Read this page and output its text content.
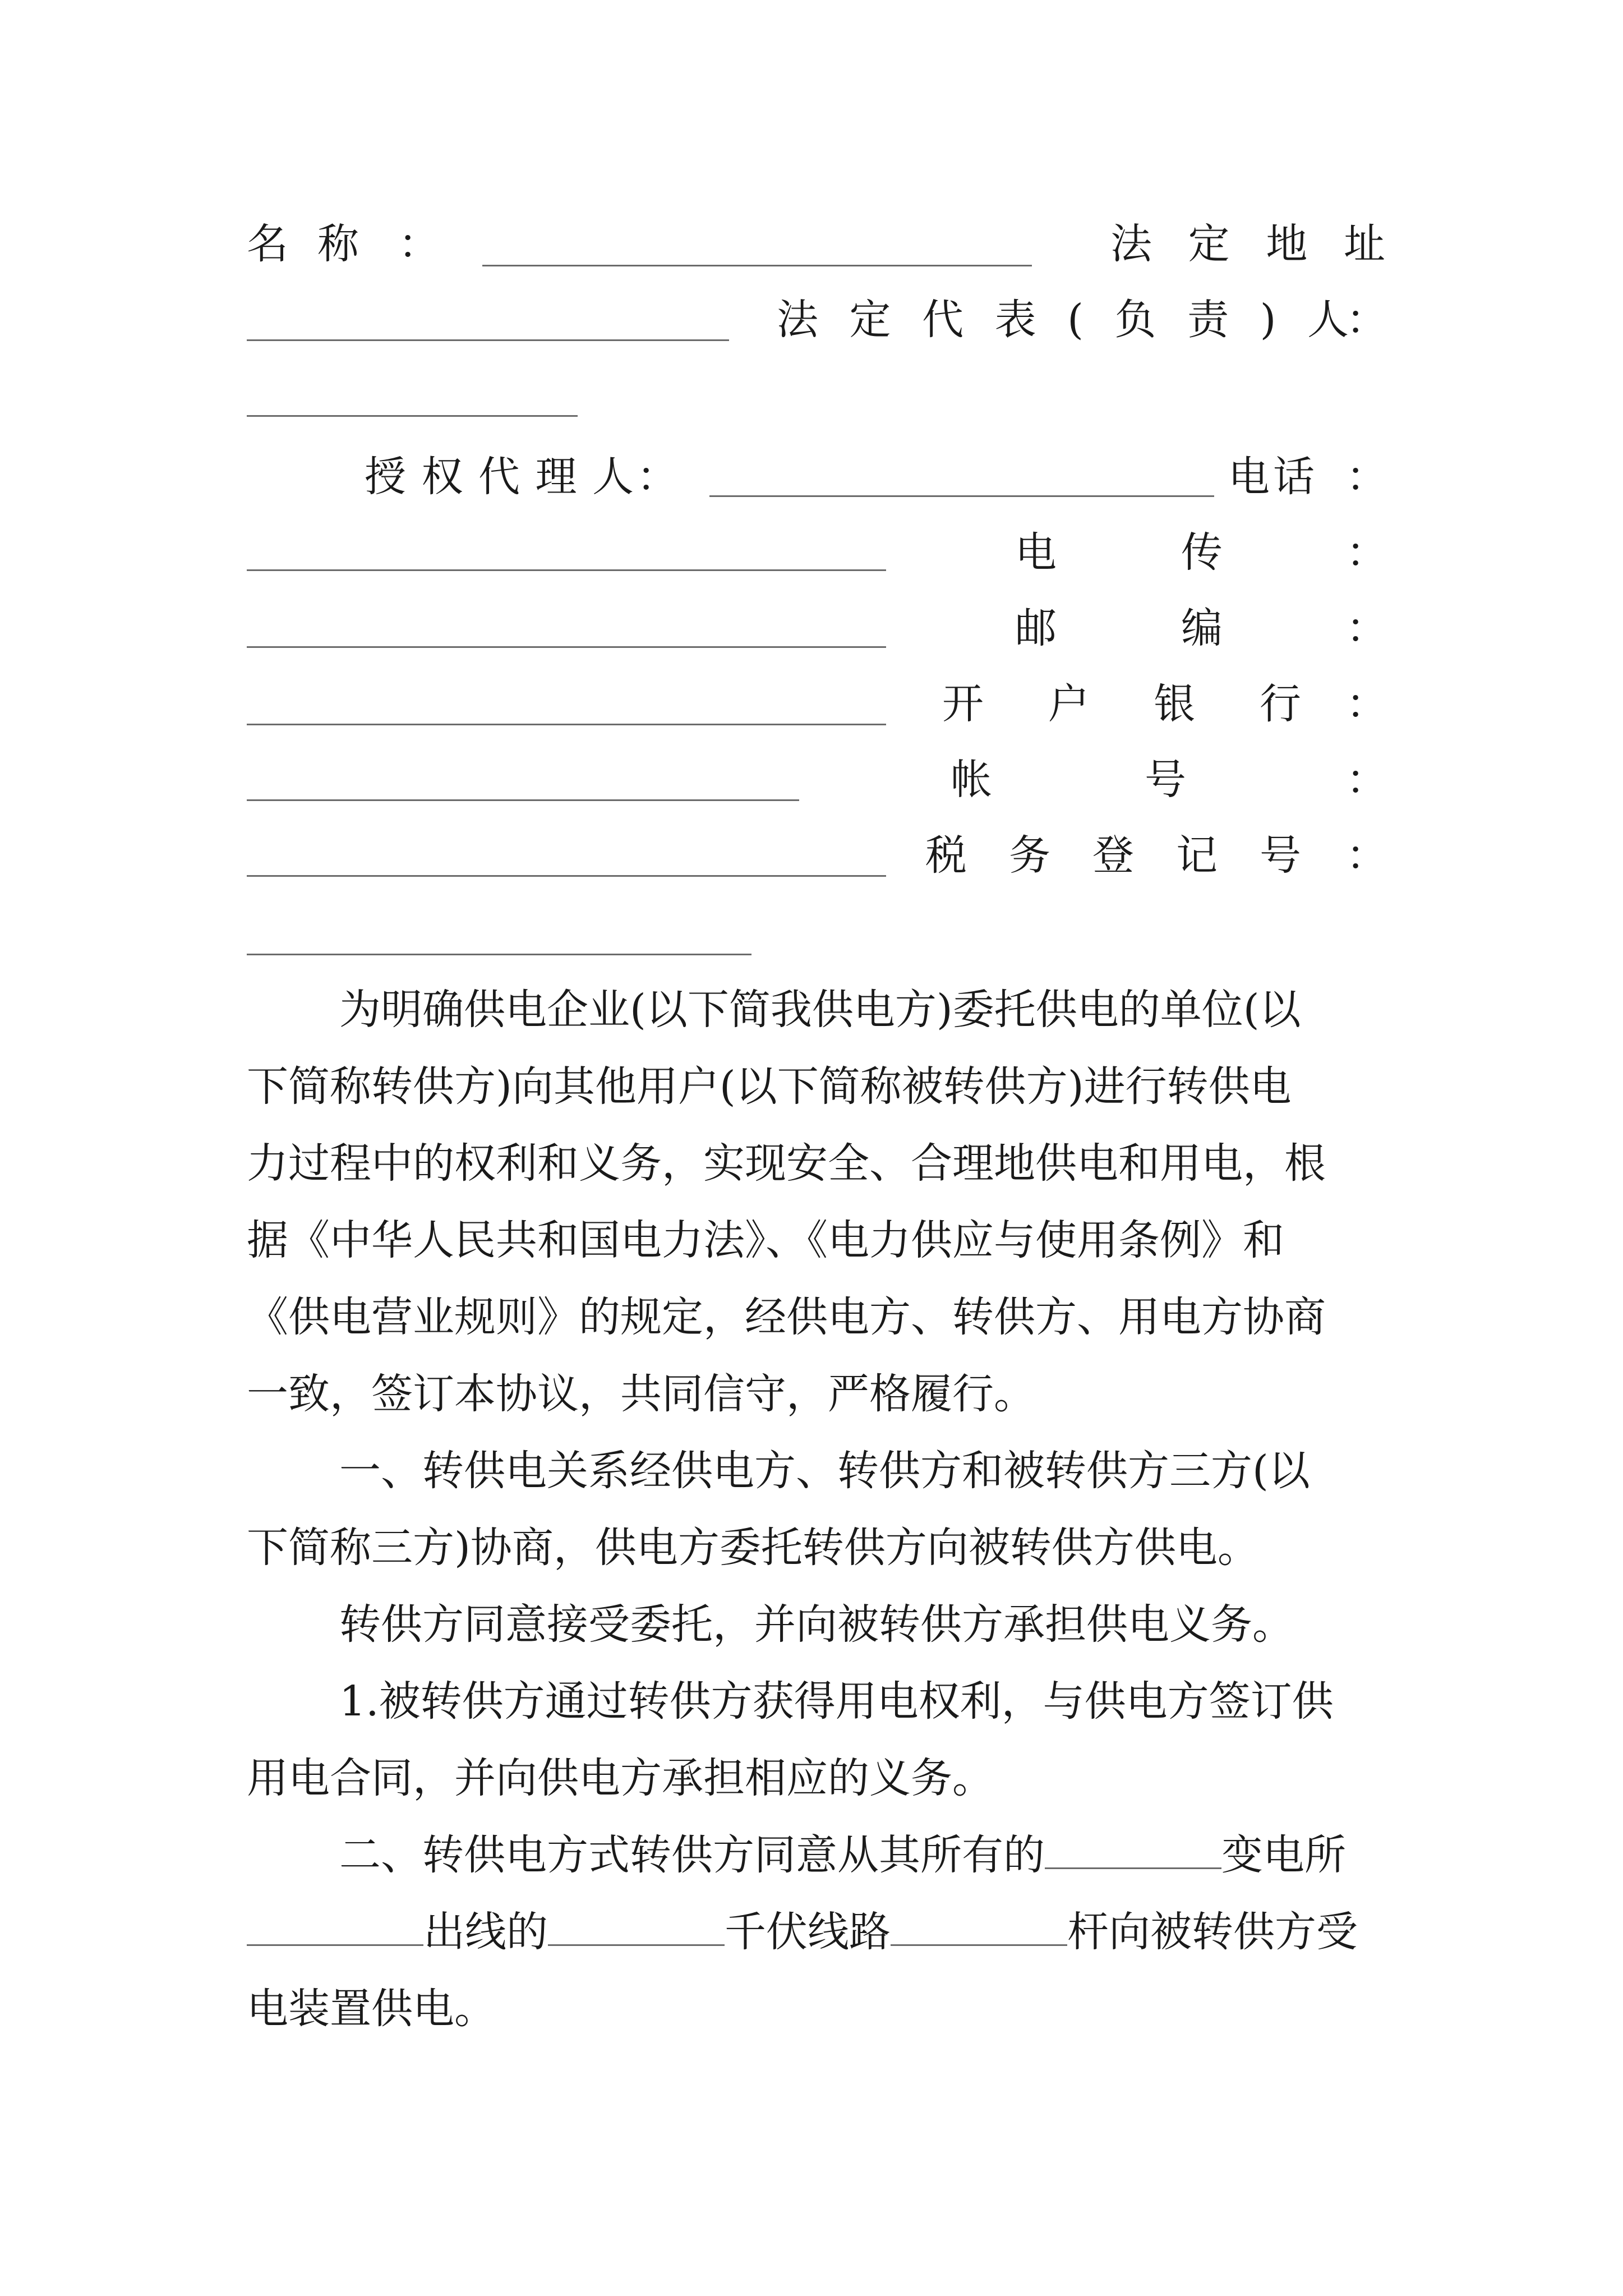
名 称 ：	法 定 地 址
法 定 代 表 ( 负 责 ) 人
：
授 权 代 理 人 ：	电话 ：
电	传	：
邮	编	：
开 户 银 行 ：
帐	号	：
税 务 登 记 号 ：
为明确供电企业(以下简我供电方)委托供电的单位(以
下简称转供方)向其他用户(以下简称被转供方)进行转供电
力过程中的权利和义务，实现安全、合理地供电和用电，根
据《中华人民共和国电力法》、《电力供应与使用条例》和
《供电营业规则》的规定，经供电方、转供方、用电方协商
一致，签订本协议，共同信守，严格履行。
一、转供电关系经供电方、转供方和被转供方三方(以
下简称三方)协商，供电方委托转供方向被转供方供电。
转供方同意接受委托，并向被转供方承担供电义务。
1.被转供方通过转供方获得用电权利，与供电方签订供
用电合同，并向供电方承担相应的义务。
二、转供电方式转供方同意从其所有的	变电所
出线的	千伏线路	杆向被转供方受
电装置供电。
